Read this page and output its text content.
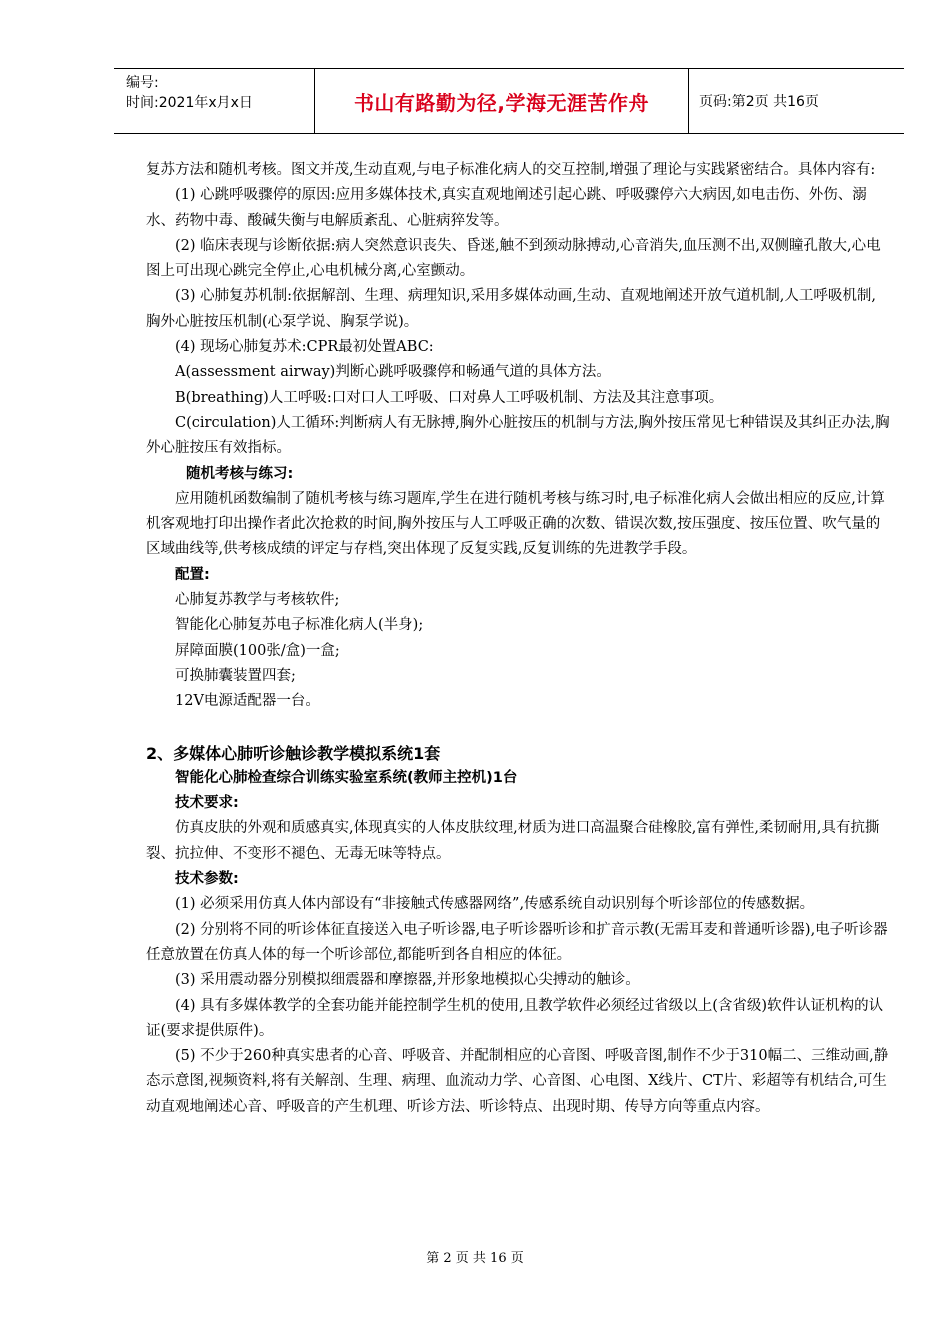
编号:
时间:2021年x月x日	书山有路勤为径,学海无涯苦作舟	页码:第2页 共16页

复苏方法和随机考核。图文并茂,生动直观,与电子标准化病人的交互控制,增强了理论与实践紧密结合。具体内容有:

(1) 心跳呼吸骤停的原因:应用多媒体技术,真实直观地阐述引起心跳、呼吸骤停六大病因,如电击伤、外伤、溺水、药物中毒、酸碱失衡与电解质紊乱、心脏病猝发等。

(2) 临床表现与诊断依据:病人突然意识丧失、昏迷,触不到颈动脉搏动,心音消失,血压测不出,双侧瞳孔散大,心电图上可出现心跳完全停止,心电机械分离,心室颤动。

(3) 心肺复苏机制:依据解剖、生理、病理知识,采用多媒体动画,生动、直观地阐述开放气道机制,人工呼吸机制,胸外心脏按压机制(心泵学说、胸泵学说)。

(4) 现场心肺复苏术:CPR最初处置ABC:

A(assessment airway)判断心跳呼吸骤停和畅通气道的具体方法。

B(breathing)人工呼吸:口对口人工呼吸、口对鼻人工呼吸机制、方法及其注意事项。

C(circulation)人工循环:判断病人有无脉搏,胸外心脏按压的机制与方法,胸外按压常见七种错误及其纠正办法,胸外心脏按压有效指标。

随机考核与练习:

应用随机函数编制了随机考核与练习题库,学生在进行随机考核与练习时,电子标准化病人会做出相应的反应,计算机客观地打印出操作者此次抢救的时间,胸外按压与人工呼吸正确的次数、错误次数,按压强度、按压位置、吹气量的区域曲线等,供考核成绩的评定与存档,突出体现了反复实践,反复训练的先进教学手段。

配置:

心肺复苏教学与考核软件;

智能化心肺复苏电子标准化病人(半身);

屏障面膜(100张/盒)一盒;

可换肺囊装置四套;

12V电源适配器一台。

2、多媒体心肺听诊触诊教学模拟系统1套

智能化心肺检查综合训练实验室系统(教师主控机)1台

技术要求:

仿真皮肤的外观和质感真实,体现真实的人体皮肤纹理,材质为进口高温聚合硅橡胶,富有弹性,柔韧耐用,具有抗撕裂、抗拉伸、不变形不褪色、无毒无味等特点。

技术参数:

(1) 必须采用仿真人体内部设有“非接触式传感器网络”,传感系统自动识别每个听诊部位的传感数据。

(2) 分别将不同的听诊体征直接送入电子听诊器,电子听诊器听诊和扩音示教(无需耳麦和普通听诊器),电子听诊器任意放置在仿真人体的每一个听诊部位,都能听到各自相应的体征。

(3) 采用震动器分别模拟细震器和摩擦器,并形象地模拟心尖搏动的触诊。

(4) 具有多媒体教学的全套功能并能控制学生机的使用,且教学软件必须经过省级以上(含省级)软件认证机构的认证(要求提供原件)。

(5) 不少于260种真实患者的心音、呼吸音、并配制相应的心音图、呼吸音图,制作不少于310幅二、三维动画,静态示意图,视频资料,将有关解剖、生理、病理、血流动力学、心音图、心电图、X线片、CT片、彩超等有机结合,可生动直观地阐述心音、呼吸音的产生机理、听诊方法、听诊特点、出现时期、传导方向等重点内容。

第 2 页 共 16 页
